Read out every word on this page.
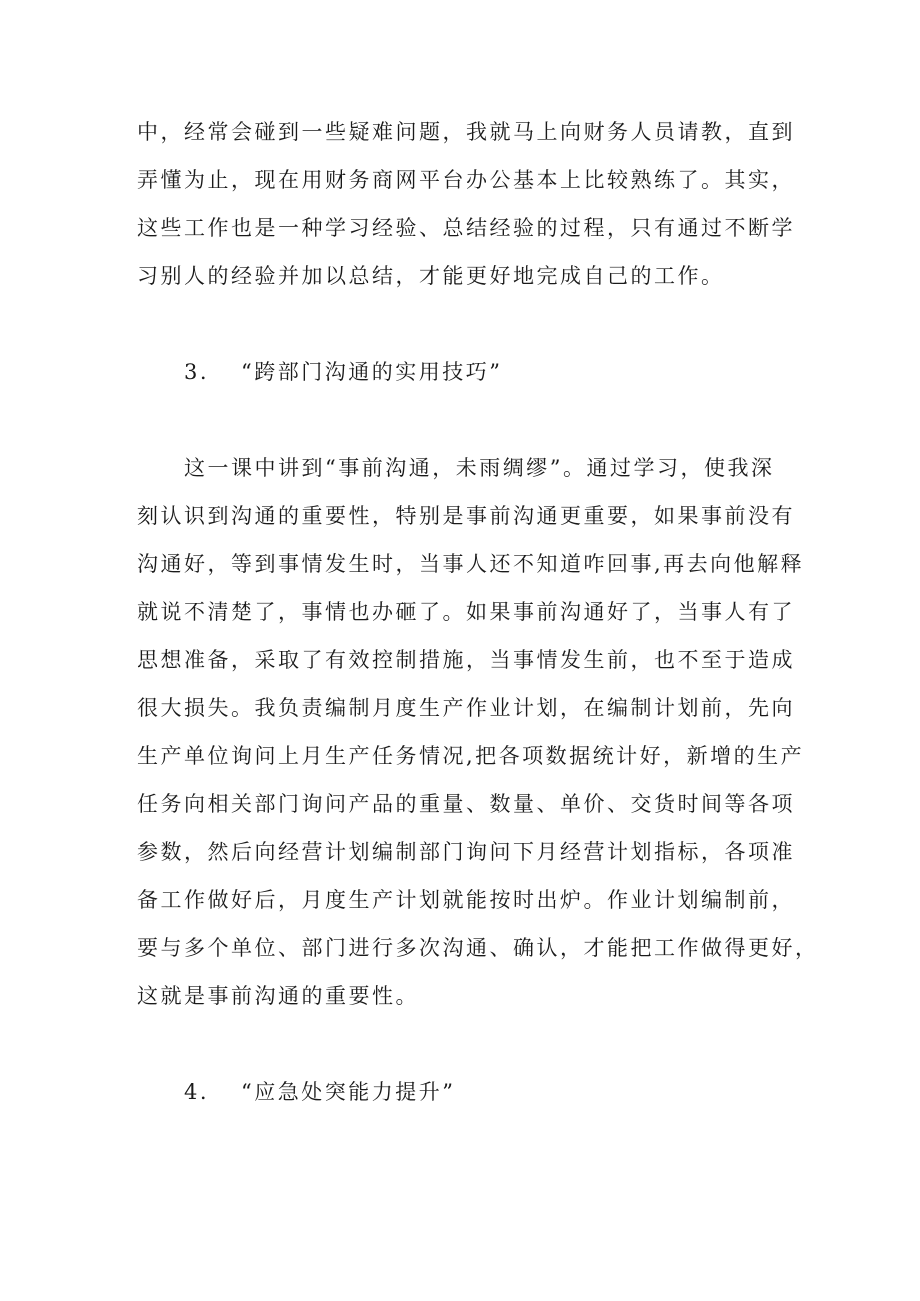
中，经常会碰到一些疑难问题，我就马上向财务人员请教，直到
弄懂为止，现在用财务商网平台办公基本上比较熟练了。其实，
这些工作也是一种学习经验、总结经验的过程，只有通过不断学
习别人的经验并加以总结，才能更好地完成自己的工作。
3. “跨部门沟通的实用技巧”
这一课中讲到“事前沟通，未雨绸缪”。通过学习，使我深
刻认识到沟通的重要性，特别是事前沟通更重要，如果事前没有
沟通好，等到事情发生时，当事人还不知道咋回事,再去向他解释
就说不清楚了，事情也办砸了。如果事前沟通好了，当事人有了
思想准备，采取了有效控制措施，当事情发生前，也不至于造成
很大损失。我负责编制月度生产作业计划，在编制计划前，先向
生产单位询问上月生产任务情况,把各项数据统计好，新增的生产
任务向相关部门询问产品的重量、数量、单价、交货时间等各项
参数，然后向经营计划编制部门询问下月经营计划指标，各项准
备工作做好后，月度生产计划就能按时出炉。作业计划编制前，
要与多个单位、部门进行多次沟通、确认，才能把工作做得更好，
这就是事前沟通的重要性。
4. “应急处突能力提升”
